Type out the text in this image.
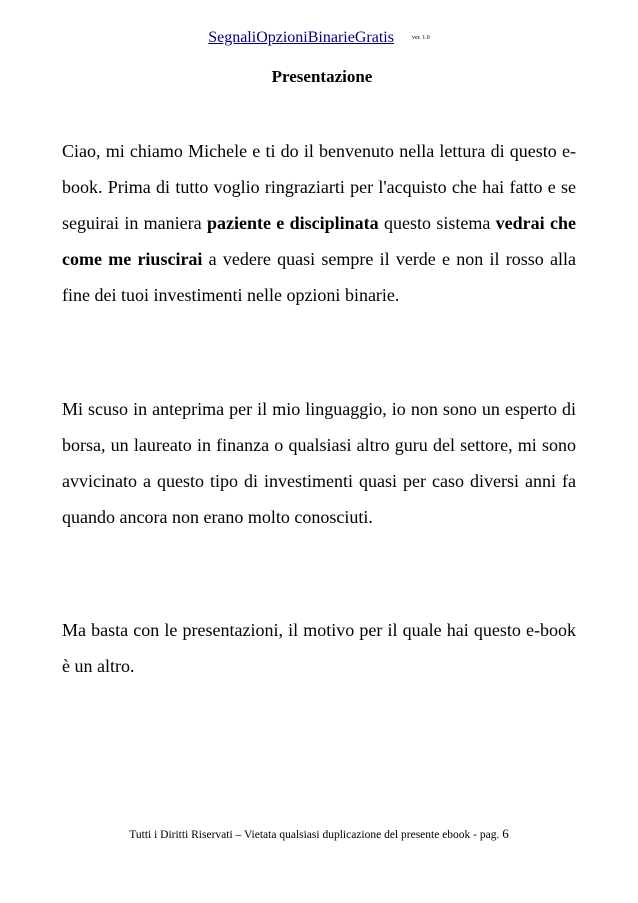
SegnaliOpzioniBinarieGratis	ver. 1.0
Presentazione

Ciao, mi chiamo Michele e ti do il benvenuto nella lettura di questo e-book. Prima di tutto voglio ringraziarti per l'acquisto che hai fatto e se seguirai in maniera paziente e disciplinata questo sistema vedrai che come me riuscirai a vedere quasi sempre il verde e non il rosso alla fine dei tuoi investimenti nelle opzioni binarie.

Mi scuso in anteprima per il mio linguaggio, io non sono un esperto di borsa, un laureato in finanza o qualsiasi altro guru del settore, mi sono avvicinato a questo tipo di investimenti quasi per caso diversi anni fa quando ancora non erano molto conosciuti.

Ma basta con le presentazioni, il motivo per il quale hai questo e-book è un altro.

Tutti i Diritti Riservati – Vietata qualsiasi duplicazione del presente ebook - pag. 6
